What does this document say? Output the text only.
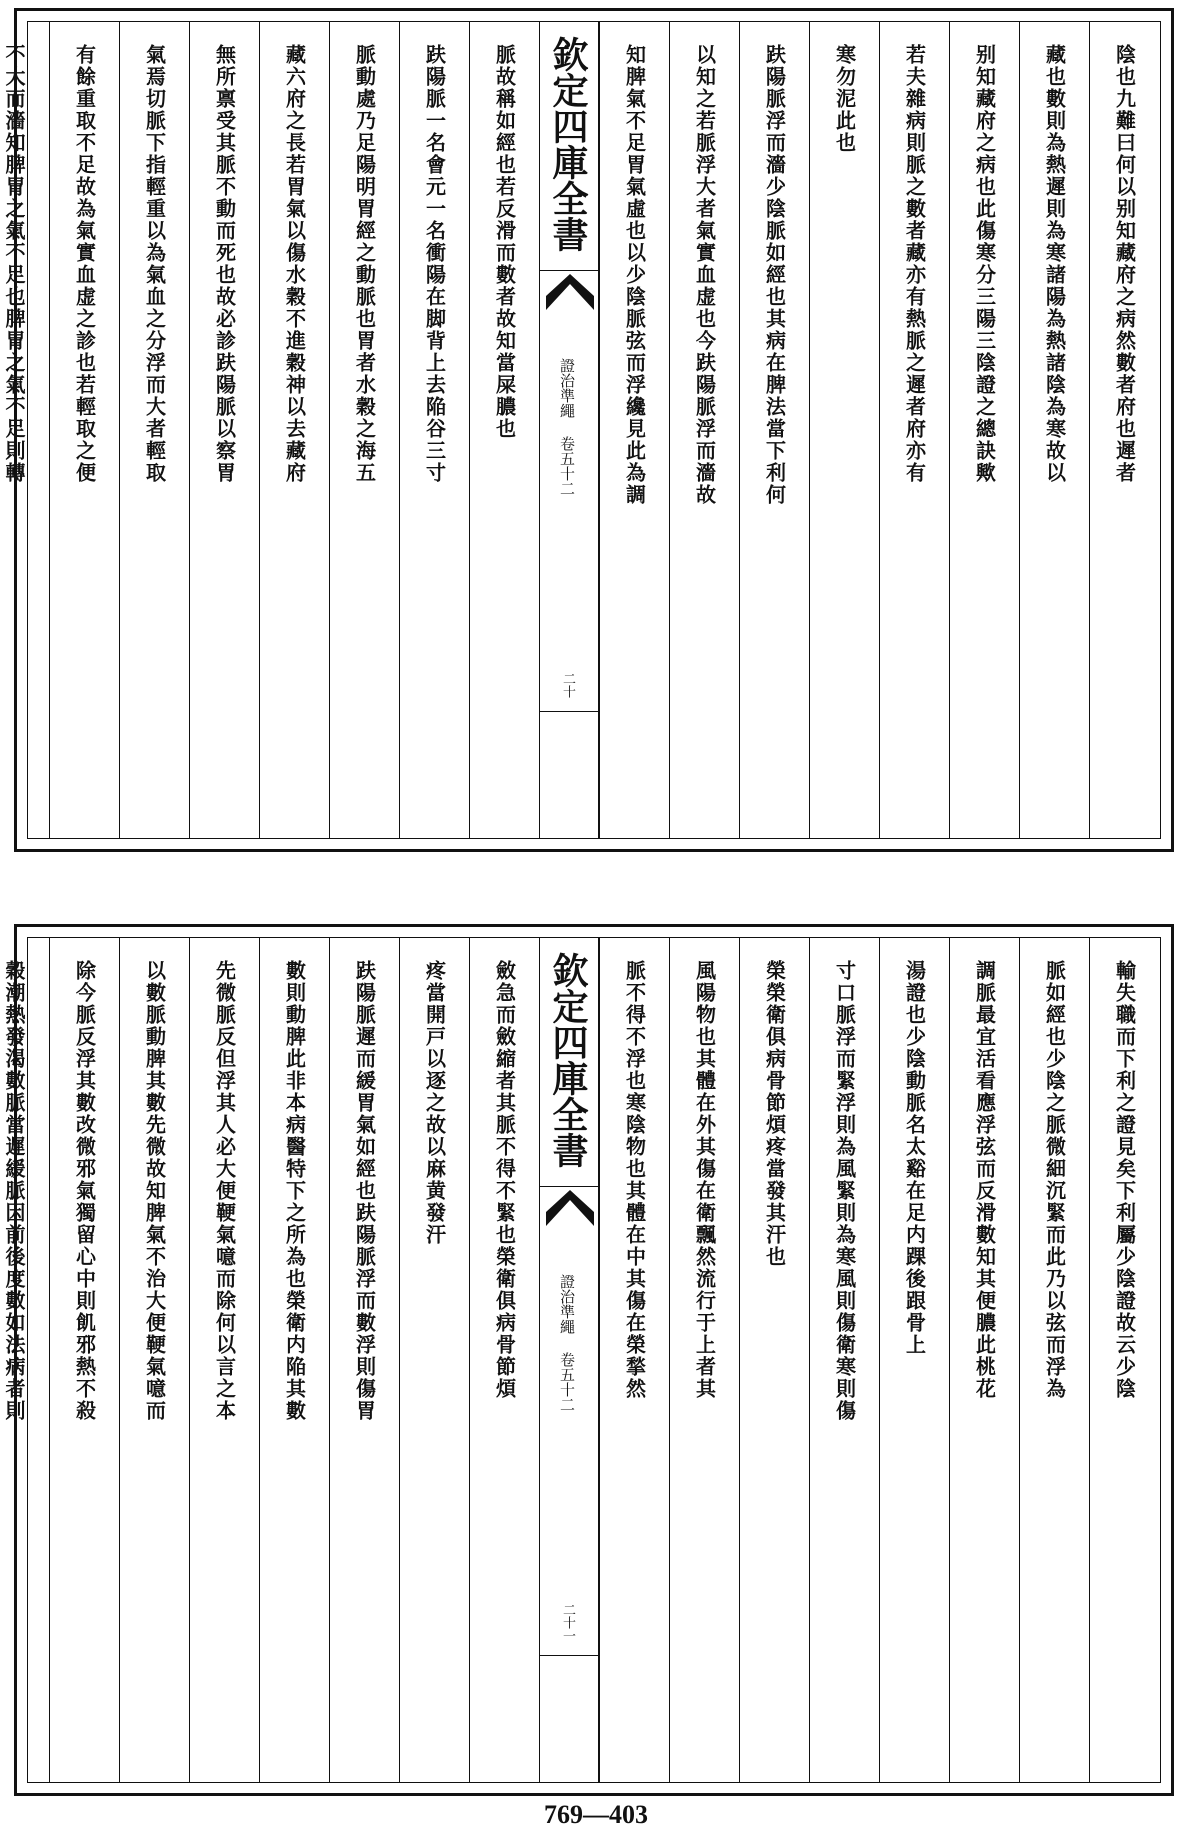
陰也九難曰何以别知藏府之病然數者府也遲者
藏也數則為熱遲則為寒諸陽為熱諸陰為寒故以
别知藏府之病也此傷寒分三陽三陰證之總訣歟
若夫雜病則脈之數者藏亦有熱脈之遲者府亦有
寒勿泥此也
趺陽脈浮而濇少陰脈如經也其病在脾法當下利何
以知之若脈浮大者氣實血虚也今趺陽脈浮而濇故
知脾氣不足胃氣虛也以少陰脈弦而浮纔見此為調
欽定四庫全書
證治準繩 卷五十二
二十
脈故稱如經也若反滑而數者故知當屎膿也
趺陽脈一名會元一名衝陽在脚背上去陥谷三寸
脈動處乃足陽明胃經之動脈也胃者水穀之海五
藏六府之長若胃氣以傷水穀不進穀神以去藏府
無所禀受其脈不動而死也故必診趺陽脈以察胃
氣焉切脈下指輕重以為氣血之分浮而大者輕取
有餘重取不足故為氣實血虚之診也若輕取之便
不大而濇知脾胃之氣不足也脾胃之氣不足則轉
輸失職而下利之證見矣下利屬少陰證故云少陰
脈如經也少陰之脈微細沉緊而此乃以弦而浮為
調脈最宜活看應浮弦而反滑數知其便膿此桃花
湯證也少陰動脈名太谿在足内踝後跟骨上
寸口脈浮而緊浮則為風緊則為寒風則傷衛寒則傷
榮榮衛俱病骨節煩疼當發其汗也
風陽物也其體在外其傷在衛飄然流行于上者其
脈不得不浮也寒陰物也其體在中其傷在榮揫然
欽定四庫全書
證治準繩 卷五十二
二十一
斂急而斂縮者其脈不得不緊也榮衛俱病骨節煩
疼當開戸以逐之故以麻黄發汗
趺陽脈遲而緩胃氣如經也趺陽脈浮而數浮則傷胃
數則動脾此非本病醫特下之所為也榮衛内陥其數
先微脈反但浮其人必大便鞕氣噫而除何以言之本
以數脈動脾其數先微故知脾氣不治大便鞕氣噫而
除今脈反浮其數改微邪氣獨留心中則飢邪熱不殺
穀潮熱發渴數脈當遲緩脈因前後度數如法病者則
769—403
